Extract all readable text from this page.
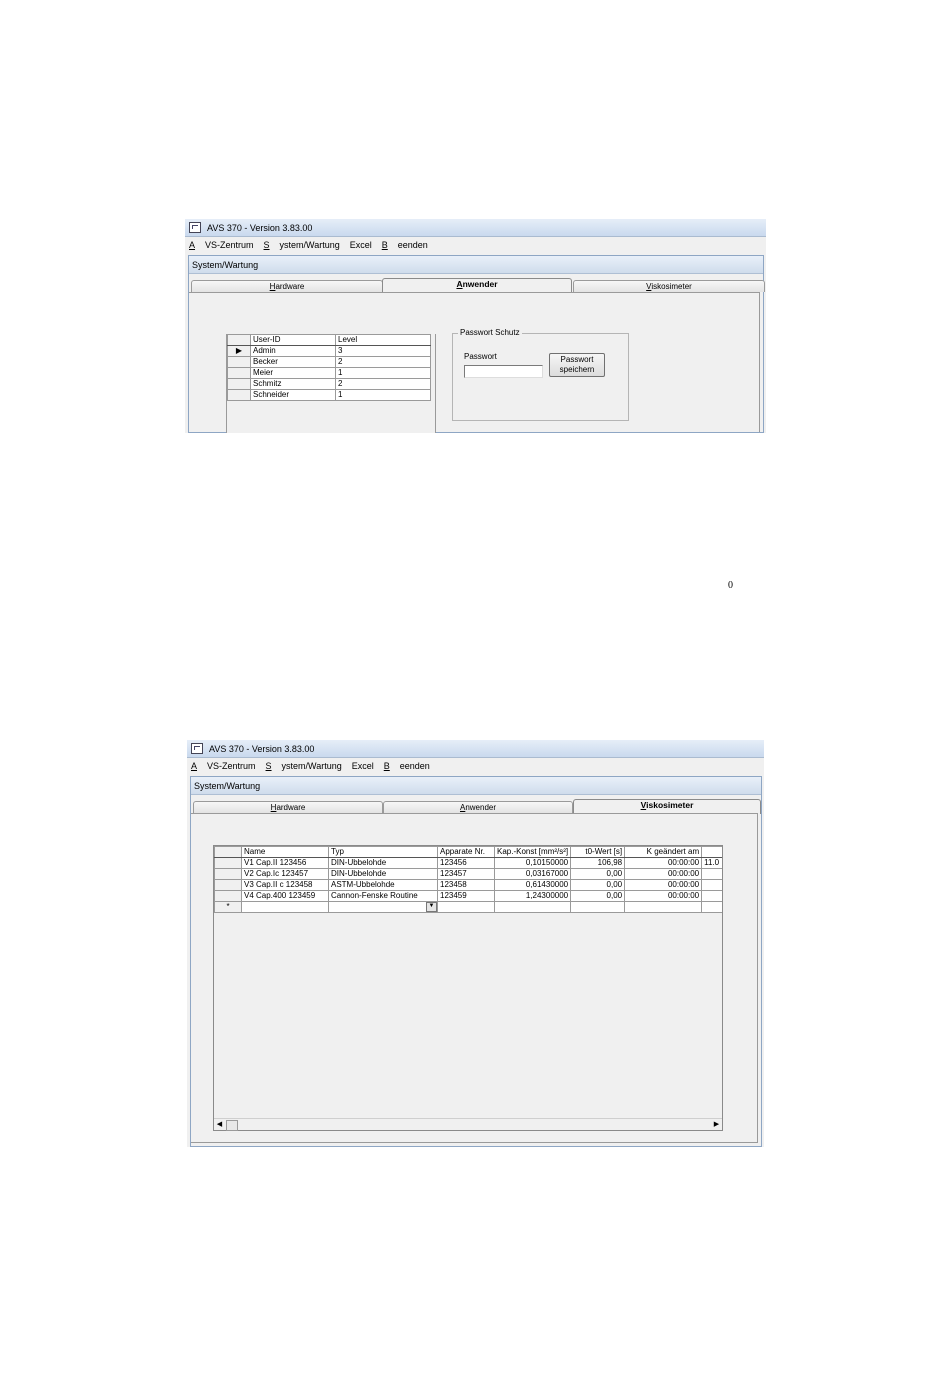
AVS 370 - Version 3.83.00
A VS-Zentrum S ystem/Wartung Excel B eenden
System/Wartung
Hardware	Anwender	Viskosimeter
	User-ID	Level
▶	Admin	3
	Becker	2
	Meier	1
	Schmitz	2
	Schneider	1
Passwort Schutz
Passwort	Passwort
speichern
0
AVS 370 - Version 3.83.00
A VS-Zentrum S ystem/Wartung Excel B eenden
System/Wartung
Hardware	Anwender	Viskosimeter
	Name	Typ	Apparate Nr.	Kap.-Konst [mm²/s²]	t0-Wert [s]	K geändert am	
	V1 Cap.II 123456	DIN-Ubbelohde	123456	0,10150000	106,98	00:00:00	11.0
	V2 Cap.Ic 123457	DIN-Ubbelohde	123457	0,03167000	0,00	00:00:00	
	V3 Cap.II c 123458	ASTM-Ubbelohde	123458	0,61430000	0,00	00:00:00	
	V4 Cap.400 123459	Cannon-Fenske Routine	123459	1,24300000	0,00	00:00:00	
*		▼					

◀	▶
